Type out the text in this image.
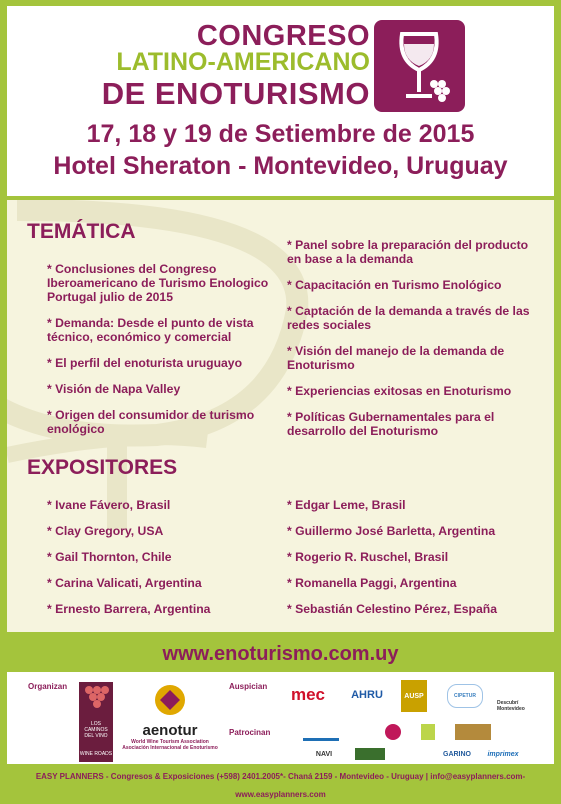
CONGRESO
LATINO-AMERICANO
DE ENOTURISMO
17, 18 y 19 de Setiembre de 2015
Hotel Sheraton - Montevideo, Uruguay
TEMÁTICA
* Conclusiones del Congreso Iberoamericano de Turismo Enologico Portugal julio de 2015
* Demanda: Desde el punto de vista técnico, económico y comercial
* El perfil del enoturista uruguayo
* Visión de Napa Valley
* Origen del consumidor de turismo enológico
* Panel sobre la preparación del producto en base a la demanda
* Capacitación en Turismo Enológico
* Captación de la demanda a través de las redes sociales
* Visión del manejo de la demanda de Enoturismo
* Experiencias exitosas en Enoturismo
* Políticas Gubernamentales para el desarrollo del Enoturismo
EXPOSITORES
* Ivane Fávero, Brasil
* Clay Gregory, USA
* Gail Thornton, Chile
* Carina Valicati, Argentina
* Ernesto Barrera, Argentina
* Edgar Leme, Brasil
* Guillermo José Barletta, Argentina
* Rogerio R. Ruschel, Brasil
* Romanella Paggi, Argentina
* Sebastián Celestino Pérez, España
www.enoturismo.com.uy
Organizan	Auspician
Patrocinan
LOS CAMINOS DEL VINO
WINE ROADS
aenotur
World Wine Tourism Association
Asociación Internacional de Enoturismo
mec	AHRU	AUSP	CIPETUR
Descubrí Montevideo
NAVI	GARINO	imprimex
EASY PLANNERS - Congresos & Exposiciones (+598) 2401.2005*- Chaná 2159 - Montevideo - Uruguay | info@easyplanners.com-www.easyplanners.com
